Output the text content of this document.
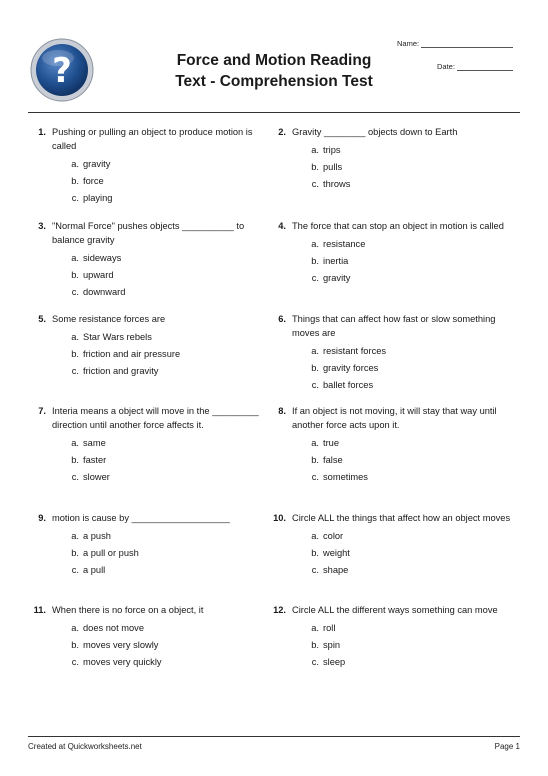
?	Force and Motion Reading
Text - Comprehension Test
Name:
Date:
1. Pushing or pulling an object to produce motion is called
a. gravity
b. force
c. playing
2. Gravity ________ objects down to Earth
a. trips
b. pulls
c. throws
3. "Normal Force" pushes objects __________ to balance gravity
a. sideways
b. upward
c. downward
4. The force that can stop an object in motion is called
a. resistance
b. inertia
c. gravity
5. Some resistance forces are
a. Star Wars rebels
b. friction and air pressure
c. friction and gravity
6. Things that can affect how fast or slow something moves are
a. resistant forces
b. gravity forces
c. ballet forces
7. Interia means a object will move in the _________ direction until another force affects it.
a. same
b. faster
c. slower
8. If an object is not moving, it will stay that way until another force acts upon it.
a. true
b. false
c. sometimes
9. motion is cause by ___________________
a. a push
b. a pull or push
c. a pull
10. Circle ALL the things that affect how an object moves
a. color
b. weight
c. shape
11. When there is no force on a object, it
a. does not move
b. moves very slowly
c. moves very quickly
12. Circle ALL the different ways something can move
a. roll
b. spin
c. sleep
Created at Quickworksheets.net	Page 1
